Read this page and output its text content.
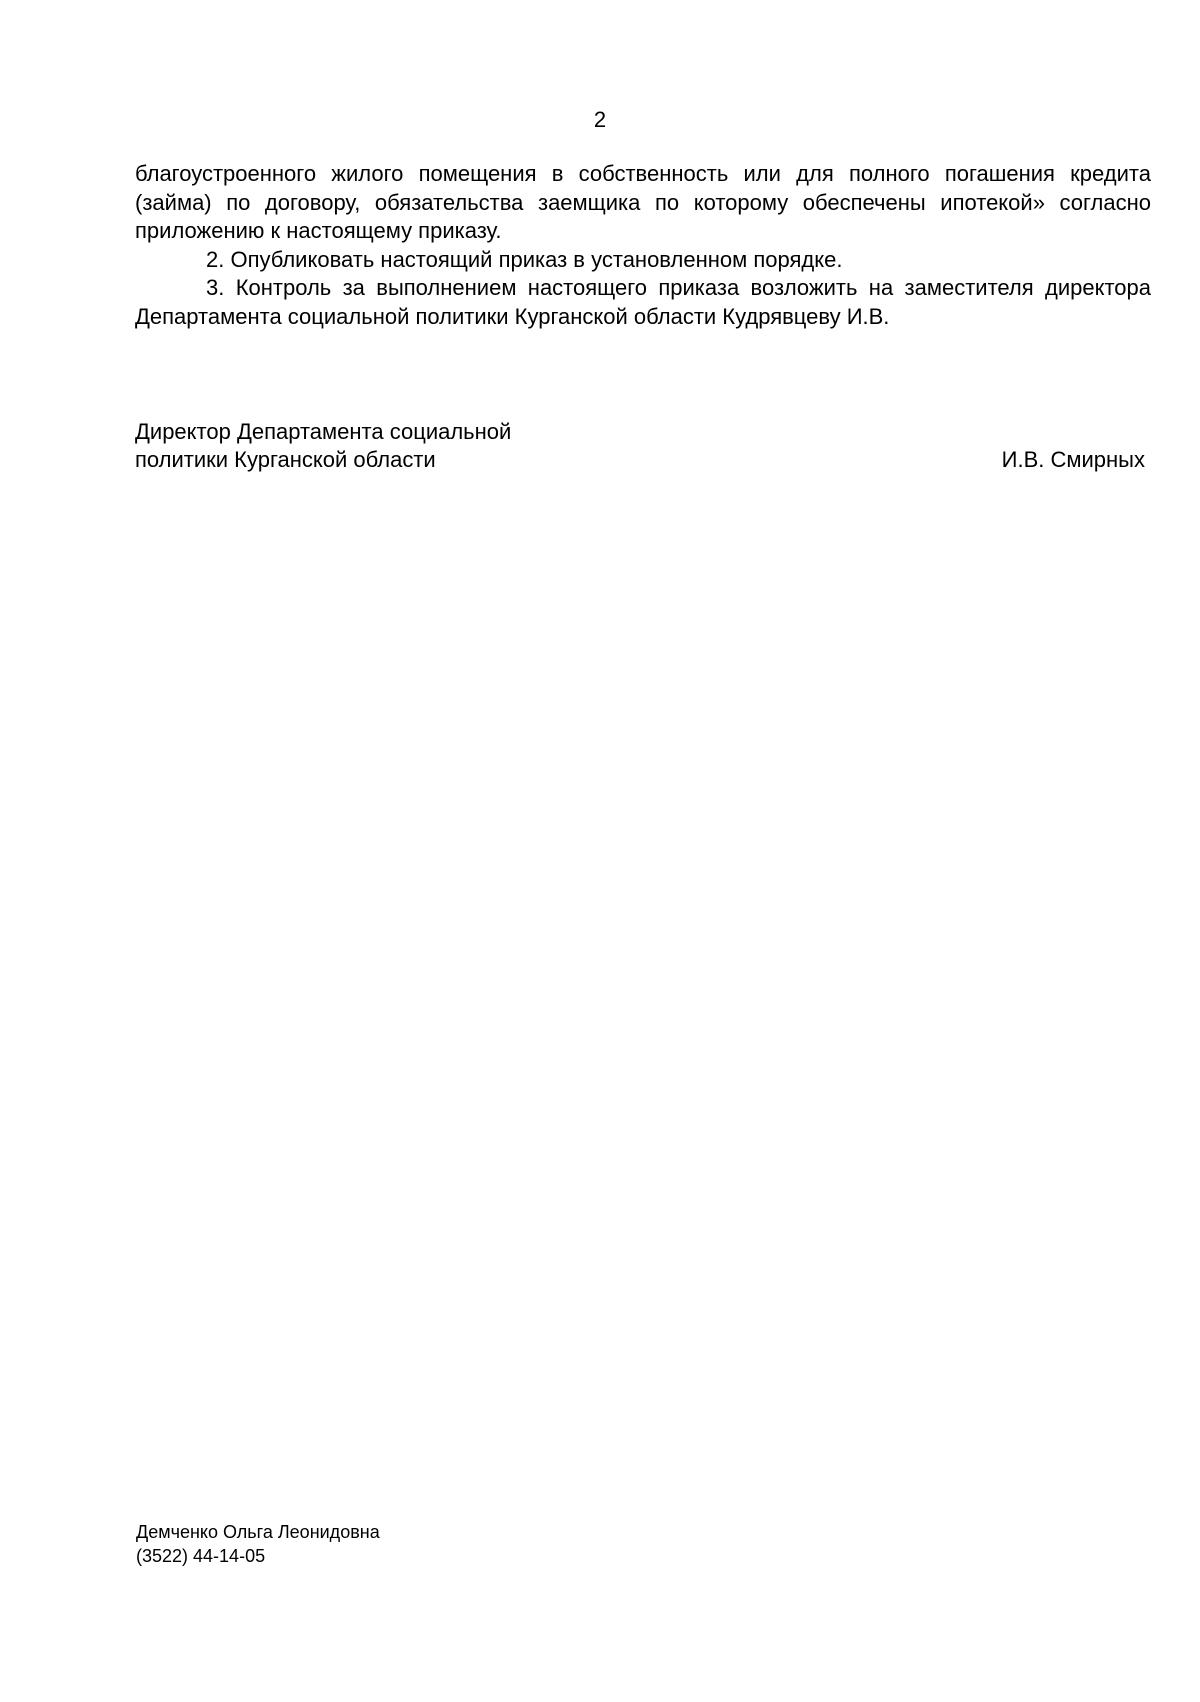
2

благоустроенного жилого помещения в собственность или для полного погашения кредита (займа) по договору, обязательства заемщика по которому обеспечены ипотекой» согласно приложению к настоящему приказу.

2. Опубликовать настоящий приказ в установленном порядке.

3. Контроль за выполнением настоящего приказа возложить на заместителя директора Департамента социальной политики Курганской области Кудрявцеву И.В.

Директор Департамента социальной
политики Курганской области	И.В. Смирных
Демченко Ольга Леонидовна
(3522) 44-14-05
